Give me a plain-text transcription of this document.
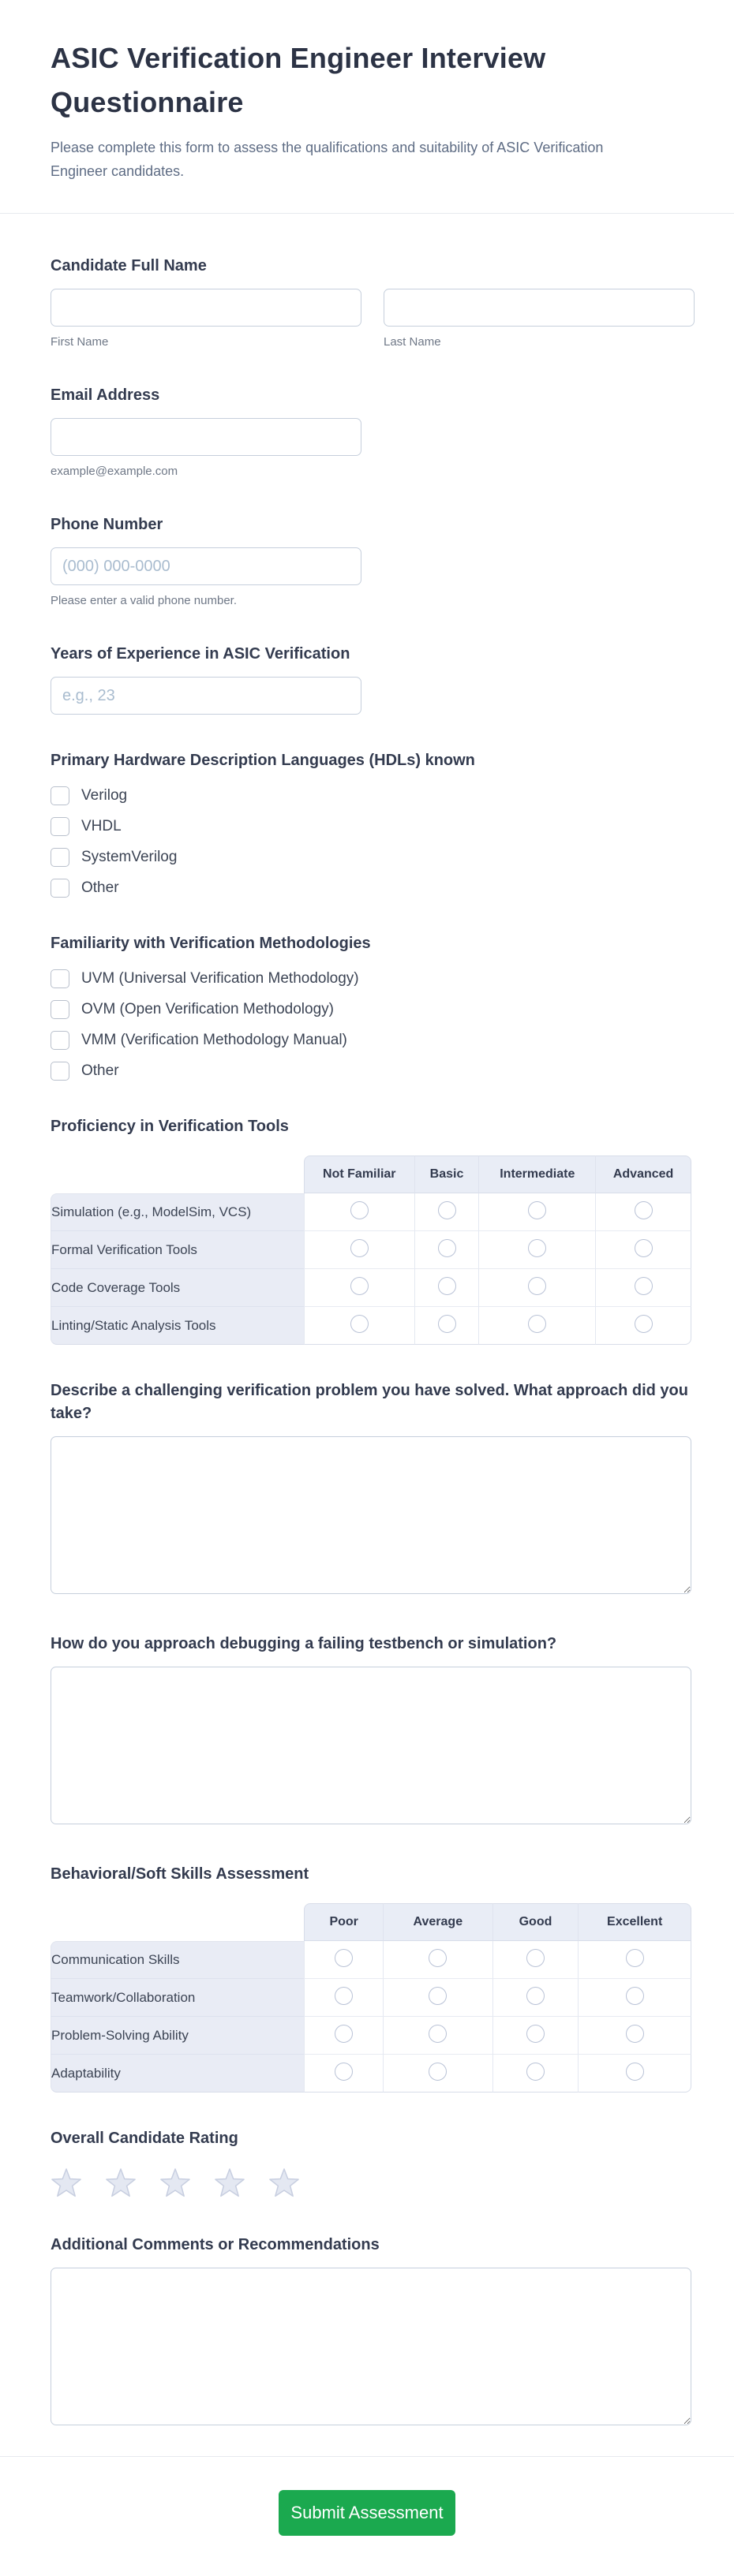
ASIC Verification Engineer Interview Questionnaire
Please complete this form to assess the qualifications and suitability of ASIC Verification Engineer candidates.
Candidate Full Name
First Name	Last Name
Email Address
example@example.com
Phone Number
(000) 000-0000
Please enter a valid phone number.
Years of Experience in ASIC Verification
e.g., 23
Primary Hardware Description Languages (HDLs) known
Verilog
VHDL
SystemVerilog
Other
Familiarity with Verification Methodologies
UVM (Universal Verification Methodology)
OVM (Open Verification Methodology)
VMM (Verification Methodology Manual)
Other
Proficiency in Verification Tools
	Not Familiar	Basic	Intermediate	Advanced
Simulation (e.g., ModelSim, VCS)				
Formal Verification Tools				
Code Coverage Tools				
Linting/Static Analysis Tools				
Describe a challenging verification problem you have solved. What approach did you take?
How do you approach debugging a failing testbench or simulation?
Behavioral/Soft Skills Assessment
	Poor	Average	Good	Excellent
Communication Skills				
Teamwork/Collaboration				
Problem-Solving Ability				
Adaptability				
Overall Candidate Rating
Additional Comments or Recommendations
Submit Assessment
